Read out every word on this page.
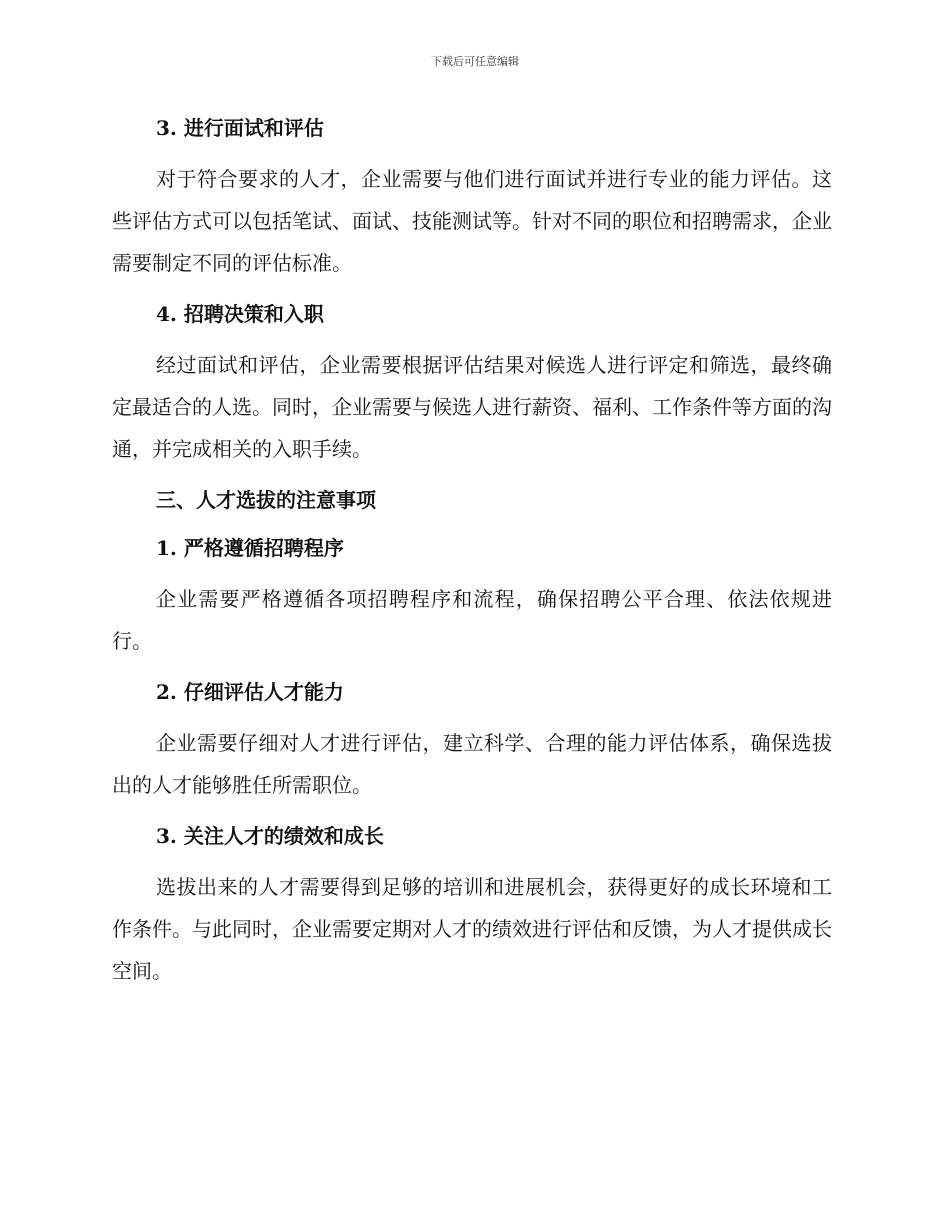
下载后可任意编辑
3. 进行面试和评估

对于符合要求的人才，企业需要与他们进行面试并进行专业的能力评估。这些评估方式可以包括笔试、面试、技能测试等。针对不同的职位和招聘需求，企业需要制定不同的评估标准。

4. 招聘决策和入职

经过面试和评估，企业需要根据评估结果对候选人进行评定和筛选，最终确定最适合的人选。同时，企业需要与候选人进行薪资、福利、工作条件等方面的沟通，并完成相关的入职手续。

三、人才选拔的注意事项
1. 严格遵循招聘程序

企业需要严格遵循各项招聘程序和流程，确保招聘公平合理、依法依规进行。

2. 仔细评估人才能力

企业需要仔细对人才进行评估，建立科学、合理的能力评估体系，确保选拔出的人才能够胜任所需职位。

3. 关注人才的绩效和成长

选拔出来的人才需要得到足够的培训和进展机会，获得更好的成长环境和工作条件。与此同时，企业需要定期对人才的绩效进行评估和反馈，为人才提供成长空间。
